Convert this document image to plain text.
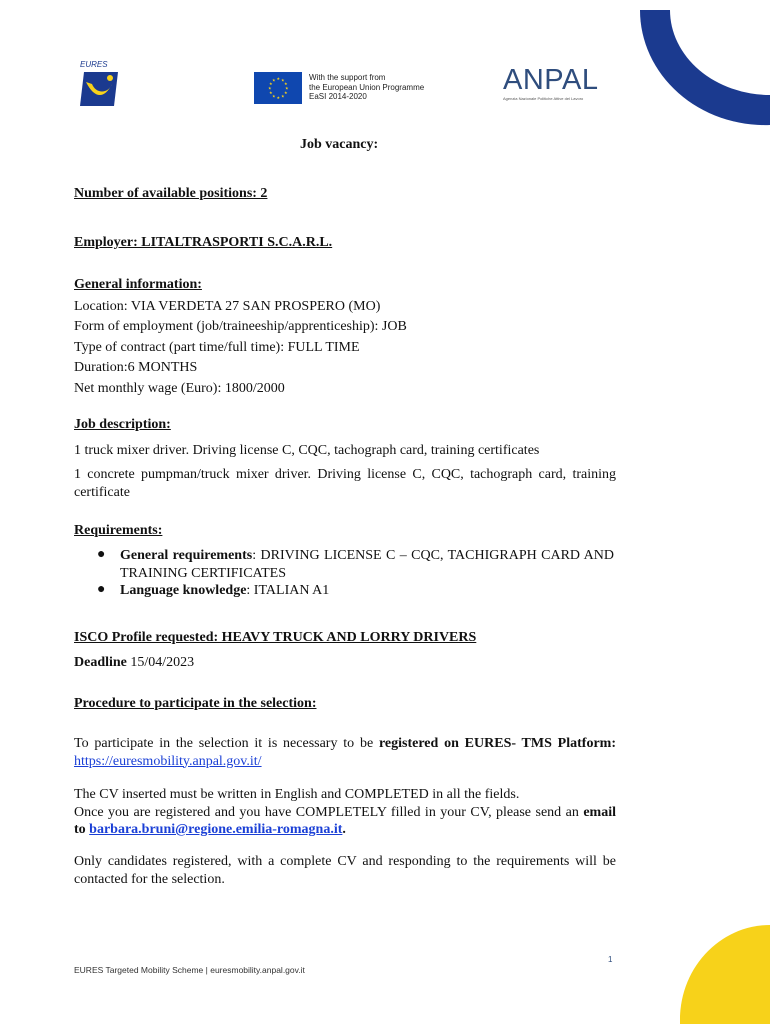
EURES
★ ★
★
★
★
★
★
★
★
★
★
★	With the support from
the European Union Programme
EaSI 2014-2020
ANPAL
Agenzia Nazionale Politiche Attive del Lavoro
Job vacancy:
Number of available positions: 2
Employer: LITALTRASPORTI S.C.A.R.L.
General information:
Location: VIA VERDETA 27 SAN PROSPERO (MO)
Form of employment (job/traineeship/apprenticeship): JOB
Type of contract (part time/full time): FULL TIME
Duration:6 MONTHS
Net monthly wage (Euro): 1800/2000
Job description:
1 truck mixer driver. Driving license C, CQC, tachograph card, training certificates
1 concrete pumpman/truck mixer driver. Driving license C, CQC, tachograph card, training certificate
Requirements:
● General requirements: DRIVING LICENSE C – CQC, TACHIGRAPH CARD AND TRAINING CERTIFICATES
● Language knowledge: ITALIAN A1
ISCO Profile requested: HEAVY TRUCK AND LORRY DRIVERS
Deadline 15/04/2023
Procedure to participate in the selection:
To participate in the selection it is necessary to be registered on EURES- TMS Platform: https://euresmobility.anpal.gov.it/
The CV inserted must be written in English and COMPLETED in all the fields.
Once you are registered and you have COMPLETELY filled in your CV, please send an email to barbara.bruni@regione.emilia-romagna.it.
Only candidates registered, with a complete CV and responding to the requirements will be contacted for the selection.
1
EURES Targeted Mobility Scheme | euresmobility.anpal.gov.it
